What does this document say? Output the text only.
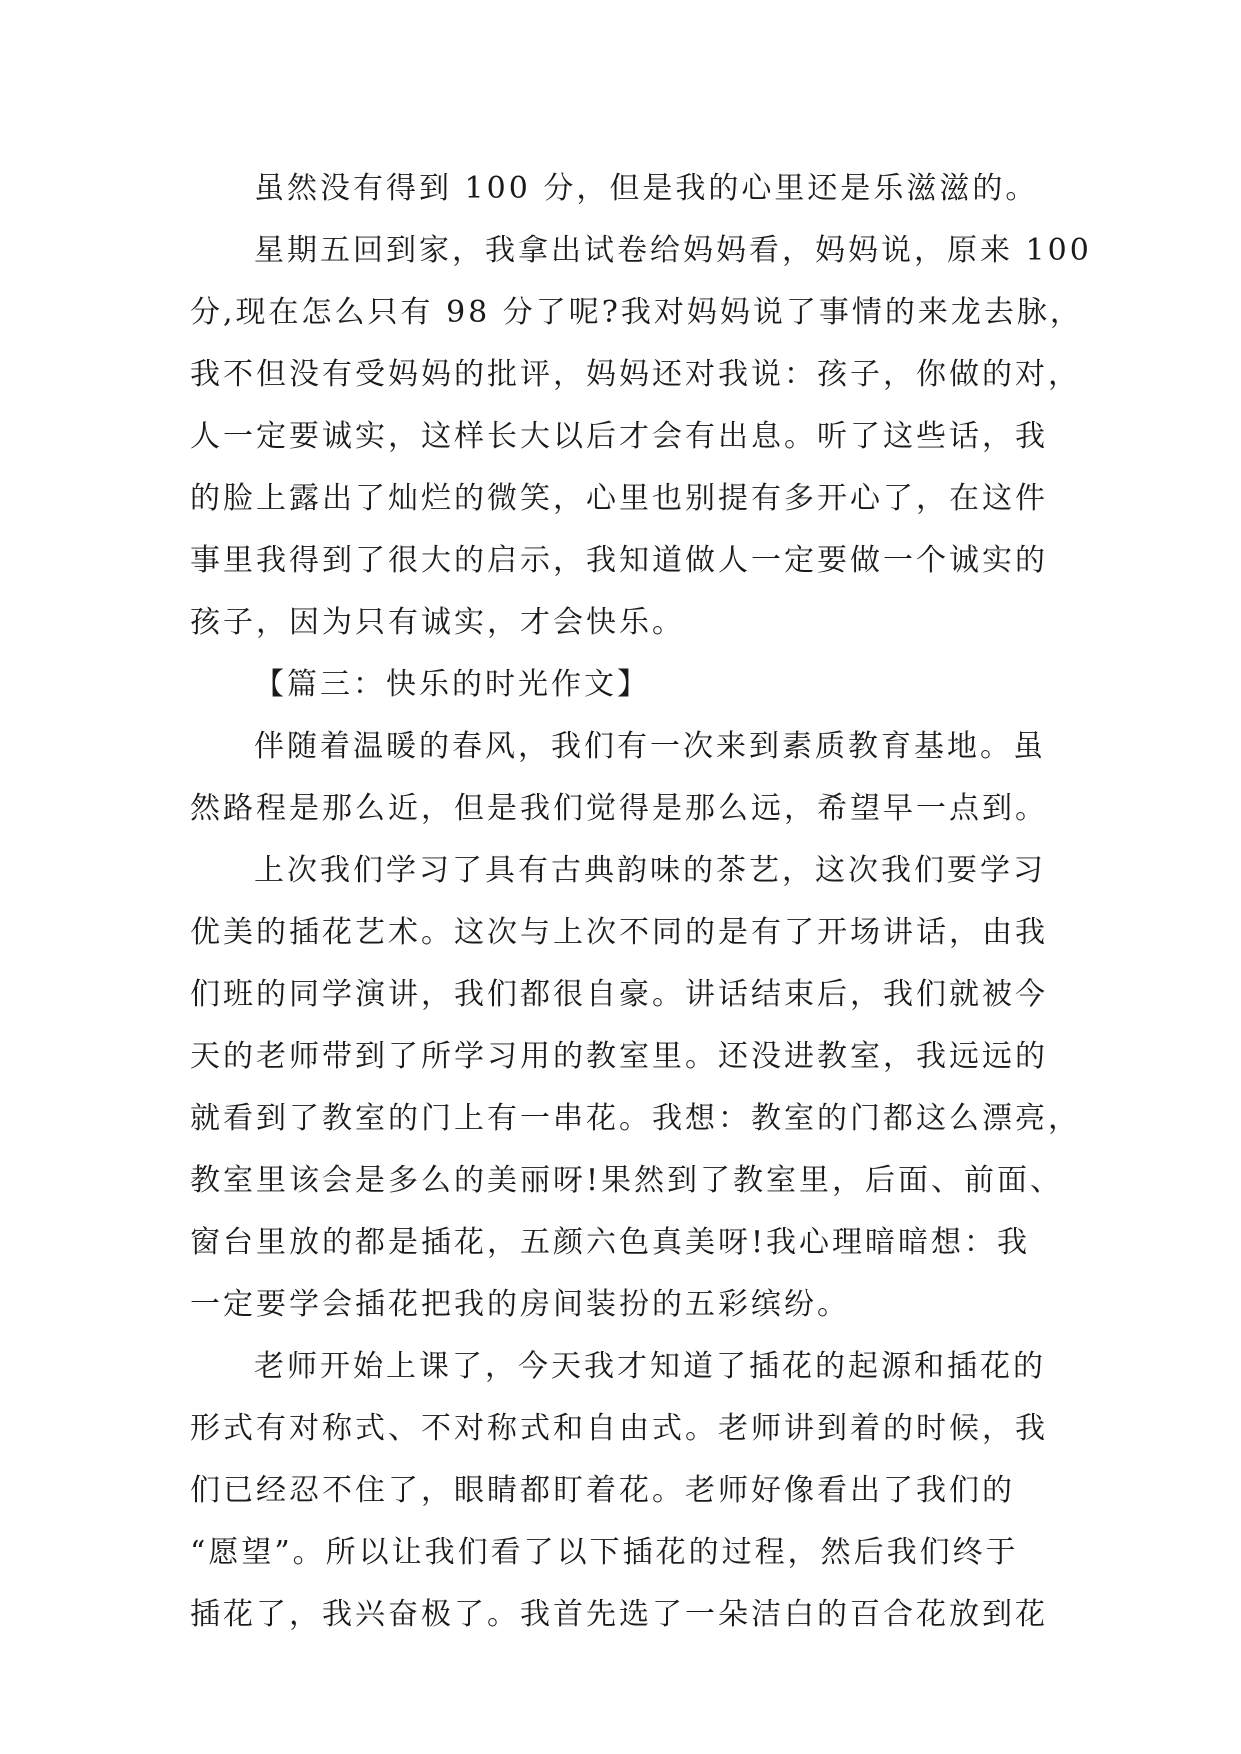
虽然没有得到 100 分，但是我的心里还是乐滋滋的。
星期五回到家，我拿出试卷给妈妈看，妈妈说，原来 100
分,现在怎么只有 98 分了呢?我对妈妈说了事情的来龙去脉，
我不但没有受妈妈的批评，妈妈还对我说：孩子，你做的对，
人一定要诚实，这样长大以后才会有出息。听了这些话，我
的脸上露出了灿烂的微笑，心里也别提有多开心了，在这件
事里我得到了很大的启示，我知道做人一定要做一个诚实的
孩子，因为只有诚实，才会快乐。
【篇三：快乐的时光作文】
伴随着温暖的春风，我们有一次来到素质教育基地。虽
然路程是那么近，但是我们觉得是那么远，希望早一点到。
上次我们学习了具有古典韵味的茶艺，这次我们要学习
优美的插花艺术。这次与上次不同的是有了开场讲话，由我
们班的同学演讲，我们都很自豪。讲话结束后，我们就被今
天的老师带到了所学习用的教室里。还没进教室，我远远的
就看到了教室的门上有一串花。我想：教室的门都这么漂亮，
教室里该会是多么的美丽呀!果然到了教室里，后面、前面、
窗台里放的都是插花，五颜六色真美呀!我心理暗暗想：我
一定要学会插花把我的房间装扮的五彩缤纷。
老师开始上课了，今天我才知道了插花的起源和插花的
形式有对称式、不对称式和自由式。老师讲到着的时候，我
们已经忍不住了，眼睛都盯着花。老师好像看出了我们的
“愿望”。所以让我们看了以下插花的过程，然后我们终于
插花了，我兴奋极了。我首先选了一朵洁白的百合花放到花
